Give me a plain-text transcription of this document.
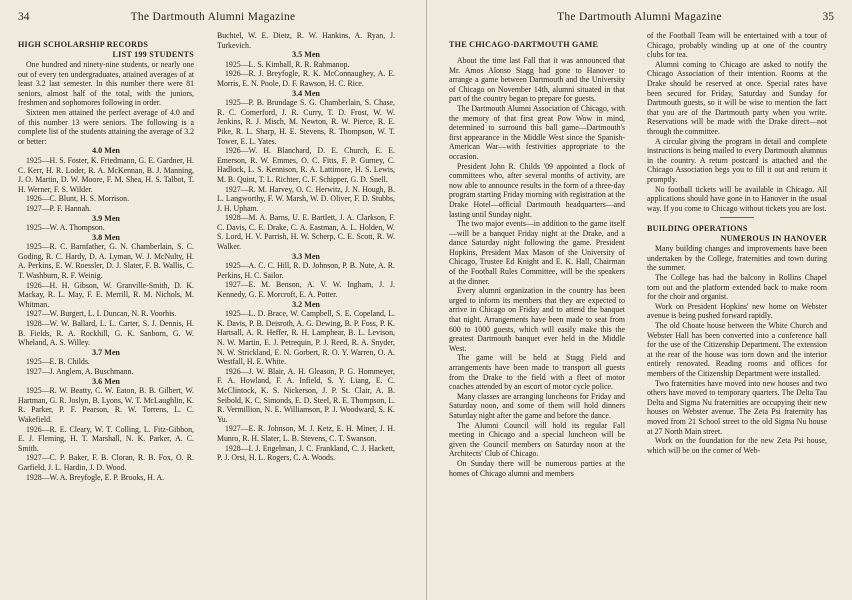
34	The Dartmouth Alumni Magazine

HIGH SCHOLARSHIP RECORDS

LIST 199 STUDENTS

One hundred and ninety-nine students, or nearly one out of every ten undergraduates, attained averages of at least 3.2 last semester. In this number there were 81 seniors, almost half of the total, with the juniors, freshmen and sophomores following in order.

Sixteen men attained the perfect average of 4.0 and of this number 13 were seniors. The following is a complete list of the students attaining the average of 3.2 or better:

4.0 Men

1925—H. S. Foster, K. Friedmann, G. E. Gardner, H. C. Kerr, H. R. Loder, R. A. McKennan, B. J. Manning, J. O. Martin, D. W. Moore, F. M. Shea, H. S. Talbot, T. H. Werner, F. S. Wilder.

1926—C. Blunt, H. S. Morrison.

1927—P. F. Hannah.

3.9 Men

1925—W. A. Thompson.

3.8 Men

1925—R. C. Barnfather, G. N. Chamberlain, S. C. Goding, R. C. Hardy, D. A. Lyman, W. J. McNulty, H. A. Perkins, E. W. Roessler, D. J. Slater, F. B. Wallis, C. T. Washburn, R. F. Weinig.

1926—H. H. Gibson, W. Granville-Smith, D. K. Mackay, R. L. May, F. E. Merrill, R. M. Nichols, M. Whitman.

1927—W. Burgert, L. I. Duncan, N. R. Voorhis.

1928—W. W. Ballard, L. L. Carter, S. J. Dennis, H. B. Fields, R. A. Rockhill, G. K. Sanborn, G. W. Wheland, A. S. Willey.

3.7 Men

1925—E. B. Childs.

1927—J. Anglem, A. Buschmann.

3.6 Men

1925—R. W. Beatty, C. W. Eaton, B. B. Gilbert, W. Hartman, G. R. Joslyn, B. Lyons, W. T. McLaughlin, K. R. Parker, P. F. Pearson, R. W. Torrens, L. C. Wakefield.

1926—R. E. Cleary, W. T. Colling, L. Fitz-Gibbon, E. J. Fleming, H. T. Marshall, N. K. Parker, A. C. Smith.

1927—C. P. Baker, F. B. Cloran, R. B. Fox, O. R. Garfield, J. L. Hardin, J. D. Wood.

1928—W. A. Breyfogle, E. P. Brooks, H. A.

Buchtel, W. E. Dietz, R. W. Hankins, A. Ryan, J. Turkevich.

3.5 Men

1925—L. S. Kimball, R. R. Rahmanop.

1926—R. J. Breyfogle, R. K. McConnaughey, A. E. Morris, E. N. Poole, D. F. Rawson, H. C. Rice.

3.4 Men

1925—P. B. Brundage S. G. Chamberlain, S. Chase, R. C. Comerford, J. R. Curry, T. D. Frost, W. W. Jenkins, R. J. Misch, M. Newton, R. W. Pierce, R. E. Pike, R. L. Sharp, H. E. Stevens, R. Thompson, W. T. Tower, E. L. Yates.

1926—W. H. Blanchard, D. E. Church, E. E. Emerson, R. W. Emmes, O. C. Fitts, F. P. Gurney, C. Hadlock, L. S. Kennison, R. A. Lattimore, H. S. Lewis, M. B. Quint, T. L. Richter, C. F. Schipper, G. D. Snell.

1927—R. M. Harvey, O. C. Herwitz, J. N. Hough, B. L. Langworthy, F. W. Marsh, W. D. Oliver, F. D. Stubbs, J. H. Upham.

1928—M. A. Barns, U. E. Bartlett, J. A. Clarkson, F. C. Davis, C. E. Drake, C. A. Eastman, A. L. Holden, W. S. Lord, H. V. Parrish, H. W. Scherp, C. E. Scott, R. W. Walker.

3.3 Men

1925—A. C. C. Hill, R. D. Johnson, P. B. Nute, A. R. Perkins, H. C. Sailor.

1927—E. M. Benson, A. V. W. Ingham, J. J. Kennedy, G. E. Morcroft, E. A. Potter.

3.2 Men

1925—L. D. Brace, W. Campbell, S. E. Copeland, L. K. Davis, P. B. Deisroth, A. G. Dewing, B. P. Foss, P. K. Hartsall, A. R. Heffer, R. H. Lamphear, B. L. Levison, N. W. Martin, E. J. Petrequin, P. J. Reed, R. A. Snyder, N. W. Strickland, E. N. Gorbert, R. O. Y. Warren, O. A. Westfall, H. E. White.

1926—J. W. Blair, A. H. Gleason, P. G. Hommeyer, F. A. Howland, F. A. Infield, S. Y. Liang, E. C. McClintock, K. S. Nickerson, J. P. St. Clair, A. B. Seibold, K. C. Simonds, E. D. Steel, R. E. Thompson, L. R. Vermillion, N. E. Williamson, P. J. Woodward, S. K. Yu.

1927—E. R. Johnson, M. J. Ketz, E. H. Miner, J. H. Munro, R. H. Slater, L. B. Stevens, C. T. Swanson.

1928—I. J. Engelman, J. C. Frankland, C. J. Hackett, P. J. Orsi, H. L. Rogers, C. A. Woods.

The Dartmouth Alumni Magazine	35

THE CHICAGO-DARTMOUTH GAME

About the time last Fall that it was announced that Mr. Amos Alonso Stagg had gone to Hanover to arrange a game between Dartmouth and the University of Chicago on November 14th, alumni situated in that part of the country began to prepare for guests.

The Dartmouth Alumni Association of Chicago, with the memory of that first great Pow Wow in mind, determined to surround this ball game—Dartmouth's first appearance in the Middle West since the Spanish-American War—with festivities appropriate to the occasion.

President John R. Childs '09 appointed a flock of committees who, after several months of activity, are now able to announce results in the form of a three-day program starting Friday morning with registration at the Drake Hotel—official Dartmouth headquarters—and lasting until Sunday night.

The two major events—in addition to the game itself—will be a banquet Friday night at the Drake, and a dance Saturday night following the game. President Hopkins, President Max Mason of the University of Chicago, Trustee Ed Knight and E. K. Hall, Chairman of the Football Rules Committee, will be the speakers at the dinner.

Every alumni organization in the country has been urged to inform its members that they are expected to arrive in Chicago on Friday and to attend the banquet that night. Arrangements have been made to seat from 600 to 1000 guests, which will easily make this the greatest Dartmouth banquet ever held in the Middle West.

The game will be held at Stagg Field and arrangements have been made to transport all guests from the Drake to the field with a fleet of motor coaches attended by an escort of motor cycle police.

Many classes are arranging luncheons for Friday and Saturday noon, and some of them will hold dinners Saturday night after the game and before the dance.

The Alumni Council will hold its regular Fall meeting in Chicago and a special luncheon will be given the Council members on Saturday noon at the Architects' Club of Chicago.

On Sunday there will be numerous parties at the homes of Chicago alumni and members

of the Football Team will be entertained with a tour of Chicago, probably winding up at one of the country clubs for tea.

Alumni coming to Chicago are asked to notify the Chicago Association of their intention. Rooms at the Drake should be reserved at once. Special rates have been secured for Friday, Saturday and Sunday for Dartmouth guests, so it will be wise to mention the fact that you are of the Dartmouth party when you write. Reservations will be made with the Drake direct—not through the committee.

A circular giving the program in detail and complete instructions is being mailed to every Dartmouth alumnus in the country. A return postcard is attached and the Chicago Association begs you to fill it out and return it promptly.

No football tickets will be available in Chicago. All applications should have gone in to Hanover in the usual way. If you come to Chicago without tickets you are lost.

BUILDING OPERATIONS

NUMEROUS IN HANOVER

Many building changes and improvements have been undertaken by the College, fraternities and town during the summer.

The College has had the balcony in Rollins Chapel torn out and the platform extended back to make room for the choir and organist.

Work on President Hopkins' new home on Webster avenue is being pushed forward rapidly.

The old Choate house between the White Church and Webster Hall has been converted into a conference hall for the use of the Citizenship Department. The extension at the rear of the house was torn down and the interior entirely renovated. Reading rooms and offices for members of the Citizenship Department were installed.

Two fraternities have moved into new houses and two others have moved to temporary quarters. The Delta Tau Delta and Sigma Nu fraternities are occupying their new houses on Webster avenue. The Zeta Psi fraternity has moved from 21 School street to the old Sigma Nu house at 27 North Main street.

Work on the foundation for the new Zeta Psi house, which will be on the corner of Web-
